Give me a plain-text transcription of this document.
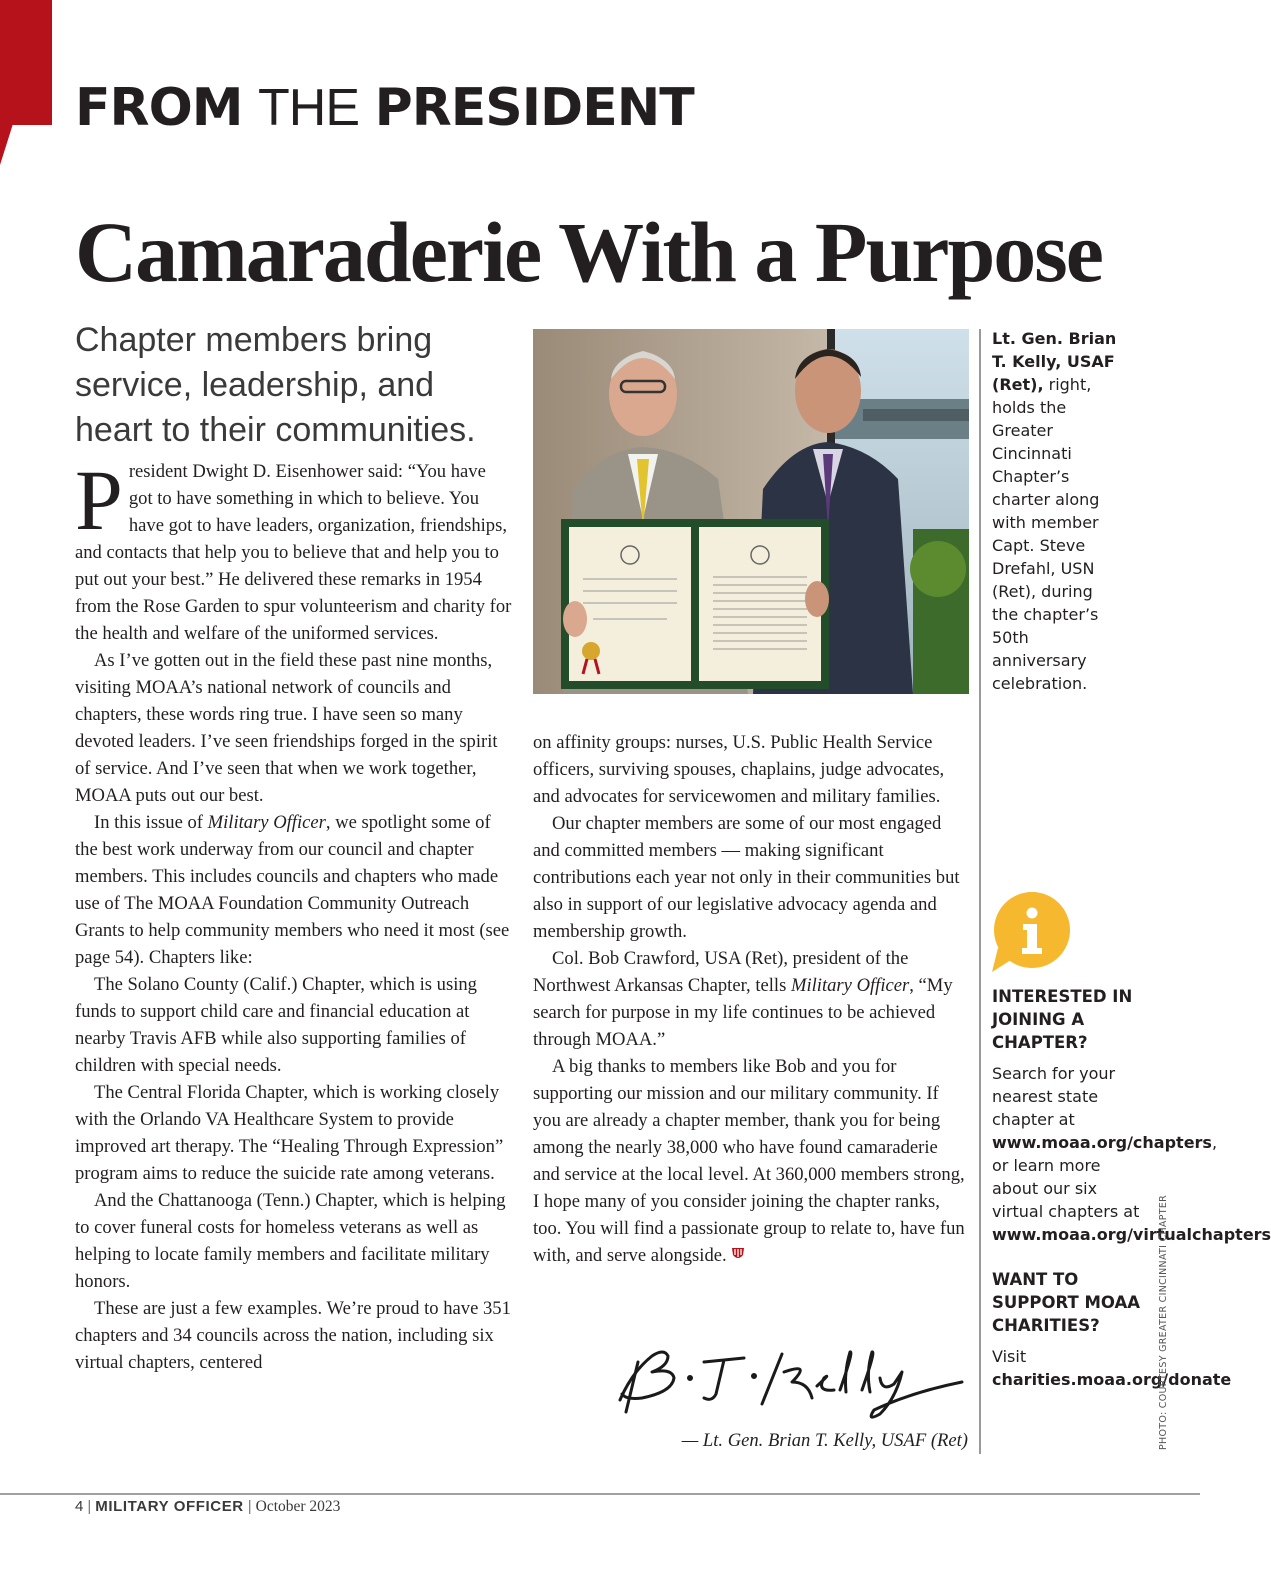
FROM THE PRESIDENT
Camaraderie With a Purpose
Chapter members bring service, leadership, and heart to their communities.

President Dwight D. Eisenhower said: “You have got to have something in which to believe. You have got to have leaders, organization, friendships, and contacts that help you to believe that and help you to put out your best.” He delivered these remarks in 1954 from the Rose Garden to spur volunteerism and charity for the health and welfare of the uniformed services.

As I’ve gotten out in the field these past nine months, visiting MOAA’s national network of councils and chapters, these words ring true. I have seen so many devoted leaders. I’ve seen friendships forged in the spirit of service. And I’ve seen that when we work together, MOAA puts out our best.

In this issue of Military Officer, we spotlight some of the best work underway from our council and chapter members. This includes councils and chapters who made use of The MOAA Foundation Community Outreach Grants to help community members who need it most (see page 54). Chapters like:

The Solano County (Calif.) Chapter, which is using funds to support child care and financial education at nearby Travis AFB while also supporting families of children with special needs.

The Central Florida Chapter, which is working closely with the Orlando VA Healthcare System to provide improved art therapy. The “Healing Through Expression” program aims to reduce the suicide rate among veterans.

And the Chattanooga (Tenn.) Chapter, which is helping to cover funeral costs for homeless veterans as well as helping to locate family members and facilitate military honors.

These are just a few examples. We’re proud to have 351 chapters and 34 councils across the nation, including six virtual chapters, centered

Lt. Gen. Brian T. Kelly, USAF (Ret), right, holds the Greater Cincinnati Chapter’s charter along with member Capt. Steve Drefahl, USN (Ret), during the chapter’s 50th anniversary celebration.

on affinity groups: nurses, U.S. Public Health Service officers, surviving spouses, chaplains, judge advocates, and advocates for servicewomen and military families.

Our chapter members are some of our most engaged and committed members — making significant contributions each year not only in their communities but also in support of our legislative advocacy agenda and membership growth.

Col. Bob Crawford, USA (Ret), president of the Northwest Arkansas Chapter, tells Military Officer, “My search for purpose in my life continues to be achieved through MOAA.”

A big thanks to members like Bob and you for supporting our mission and our military community. If you are already a chapter member, thank you for being among the nearly 38,000 who have found camaraderie and service at the local level. At 360,000 members strong, I hope many of you consider joining the chapter ranks, too. You will find a passionate group to relate to, have fun with, and serve alongside.

— Lt. Gen. Brian T. Kelly, USAF (Ret)

INTERESTED IN JOINING A CHAPTER?

Search for your nearest state chapter at www.moaa.org/chapters, or learn more about our six virtual chapters at www.moaa.org/virtualchapters

WANT TO SUPPORT MOAA CHARITIES?

Visit charities.moaa.org/donate

PHOTO: COURTESY GREATER CINCINNATI CHAPTER
4 | MILITARY OFFICER | October 2023
